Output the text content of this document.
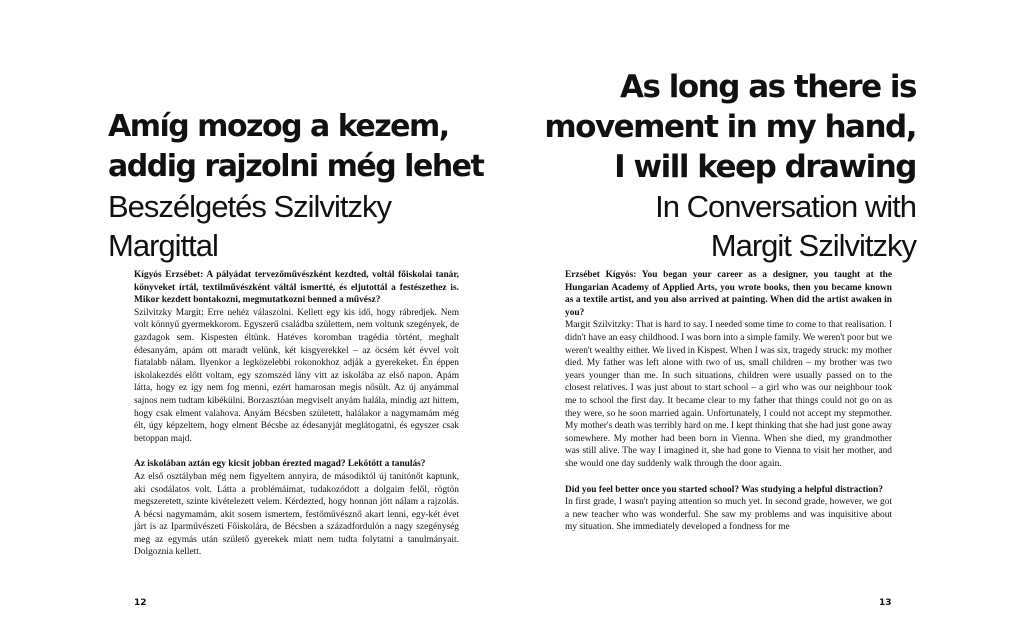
Amíg mozog a kezem,
addig rajzolni még lehet
Beszélgetés Szilvitzky
Margittal

Kígyós Erzsébet: A pályádat tervezőművészként kezdted, voltál főiskolai tanár, könyveket írtál, textilművészként váltál ismertté, és eljutottál a festészethez is. Mikor kezdett bontakozni, megmutatkozni benned a művész?

Szilvitzky Margit: Erre nehéz válaszolni. Kellett egy kis idő, hogy rábredjek. Nem volt könnyű gyermekkorom. Egyszerű családba születtem, nem voltunk szegények, de gazdagok sem. Kispesten éltünk. Hatéves koromban tragédia történt, meghalt édesanyám, apám ott maradt velünk, két kisgyerekkel – az öcsém két évvel volt fiatalabb nálam. Ilyenkor a legközelebbi rokonokhoz adják a gyerekeket. Én éppen iskolakezdés előtt voltam, egy szomszéd lány vitt az iskolába az első napon. Apám látta, hogy ez így nem fog menni, ezért hamarosan megis nősült. Az új anyámmal sajnos nem tudtam kibékülni. Borzasztóan megviselt anyám halála, mindig azt hittem, hogy csak elment valahova. Anyám Bécsben született, halálakor a nagymamám még élt, úgy képzeltem, hogy elment Bécsbe az édesanyját meglátogatni, és egyszer csak betoppan majd.

Az iskolában aztán egy kicsit jobban érezted magad? Lekötött a tanulás?

Az első osztályban még nem figyeltem annyira, de másodiktól új tanítónőt kaptunk, aki csodálatos volt. Látta a problémáimat, tudakozódott a dolgaim felől, rögtön megszeretett, szinte kivételezett velem. Kérdezted, hogy honnan jött nálam a rajzolás. A bécsi nagymamám, akit sosem ismertem, festőművésznő akart lenni, egy-két évet járt is az Iparművészeti Főiskolára, de Bécsben a századfordulón a nagy szegénység meg az egymás után születő gyerekek miatt nem tudta folytatni a tanulmányait. Dolgoznia kellett.

12

As long as there is
movement in my hand,
I will keep drawing
In Conversation with
Margit Szilvitzky

Erzsébet Kígyós: You began your career as a designer, you taught at the Hungarian Academy of Applied Arts, you wrote books, then you became known as a textile artist, and you also arrived at painting. When did the artist awaken in you?

Margit Szilvitzky: That is hard to say. I needed some time to come to that realisation. I didn't have an easy childhood. I was born into a simple family. We weren't poor but we weren't wealthy either. We lived in Kispest. When I was six, tragedy struck: my mother died. My father was left alone with two of us, small children – my brother was two years younger than me. In such situations, children were usually passed on to the closest relatives. I was just about to start school – a girl who was our neighbour took me to school the first day. It became clear to my father that things could not go on as they were, so he soon married again. Unfortunately, I could not accept my stepmother. My mother's death was terribly hard on me. I kept thinking that she had just gone away somewhere. My mother had been born in Vienna. When she died, my grandmother was still alive. The way I imagined it, she had gone to Vienna to visit her mother, and she would one day suddenly walk through the door again.

Did you feel better once you started school? Was studying a helpful distraction?

In first grade, I wasn't paying attention so much yet. In second grade, however, we got a new teacher who was wonderful. She saw my problems and was inquisitive about my situation. She immediately developed a fondness for me

13
